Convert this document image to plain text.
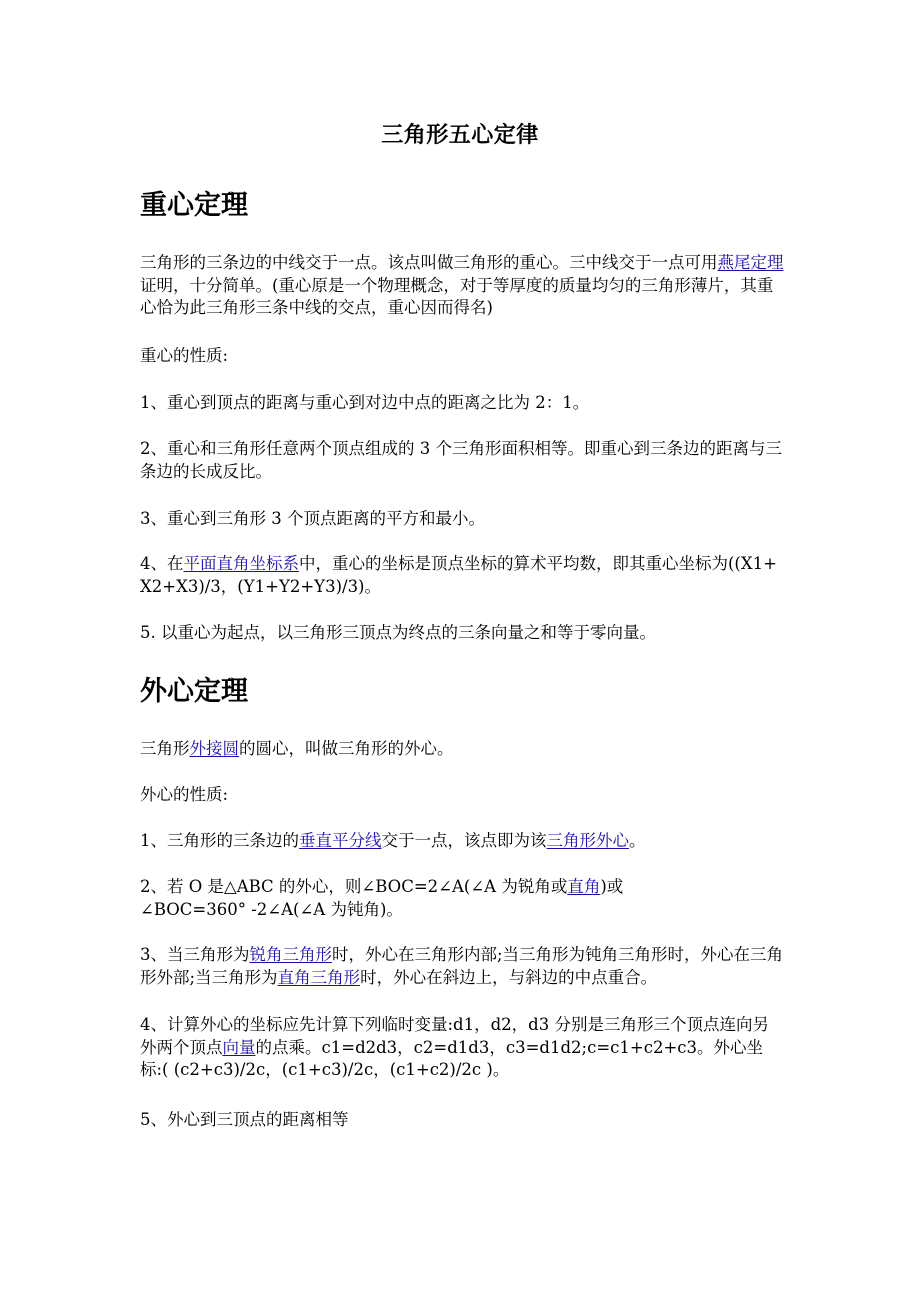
三角形五心定律
重心定理

三角形的三条边的中线交于一点。该点叫做三角形的重心。三中线交于一点可用燕尾定理证明，十分简单。(重心原是一个物理概念，对于等厚度的质量均匀的三角形薄片，其重心恰为此三角形三条中线的交点，重心因而得名)

重心的性质:

1、重心到顶点的距离与重心到对边中点的距离之比为 2：1。

2、重心和三角形任意两个顶点组成的 3 个三角形面积相等。即重心到三条边的距离与三条边的长成反比。

3、重心到三角形 3 个顶点距离的平方和最小。

4、在平面直角坐标系中，重心的坐标是顶点坐标的算术平均数，即其重心坐标为((X1+X2+X3)/3，(Y1+Y2+Y3)/3)。

5. 以重心为起点，以三角形三顶点为终点的三条向量之和等于零向量。

外心定理

三角形外接圆的圆心，叫做三角形的外心。

外心的性质:

1、三角形的三条边的垂直平分线交于一点，该点即为该三角形外心。

2、若 O 是△ABC 的外心，则∠BOC=2∠A(∠A 为锐角或直角)或
∠BOC=360° -2∠A(∠A 为钝角)。

3、当三角形为锐角三角形时，外心在三角形内部;当三角形为钝角三角形时，外心在三角形外部;当三角形为直角三角形时，外心在斜边上，与斜边的中点重合。

4、计算外心的坐标应先计算下列临时变量:d1，d2，d3 分别是三角形三个顶点连向另外两个顶点向量的点乘。c1=d2d3，c2=d1d3，c3=d1d2;c=c1+c2+c3。外心坐标:( (c2+c3)/2c，(c1+c3)/2c，(c1+c2)/2c )。

5、外心到三顶点的距离相等
